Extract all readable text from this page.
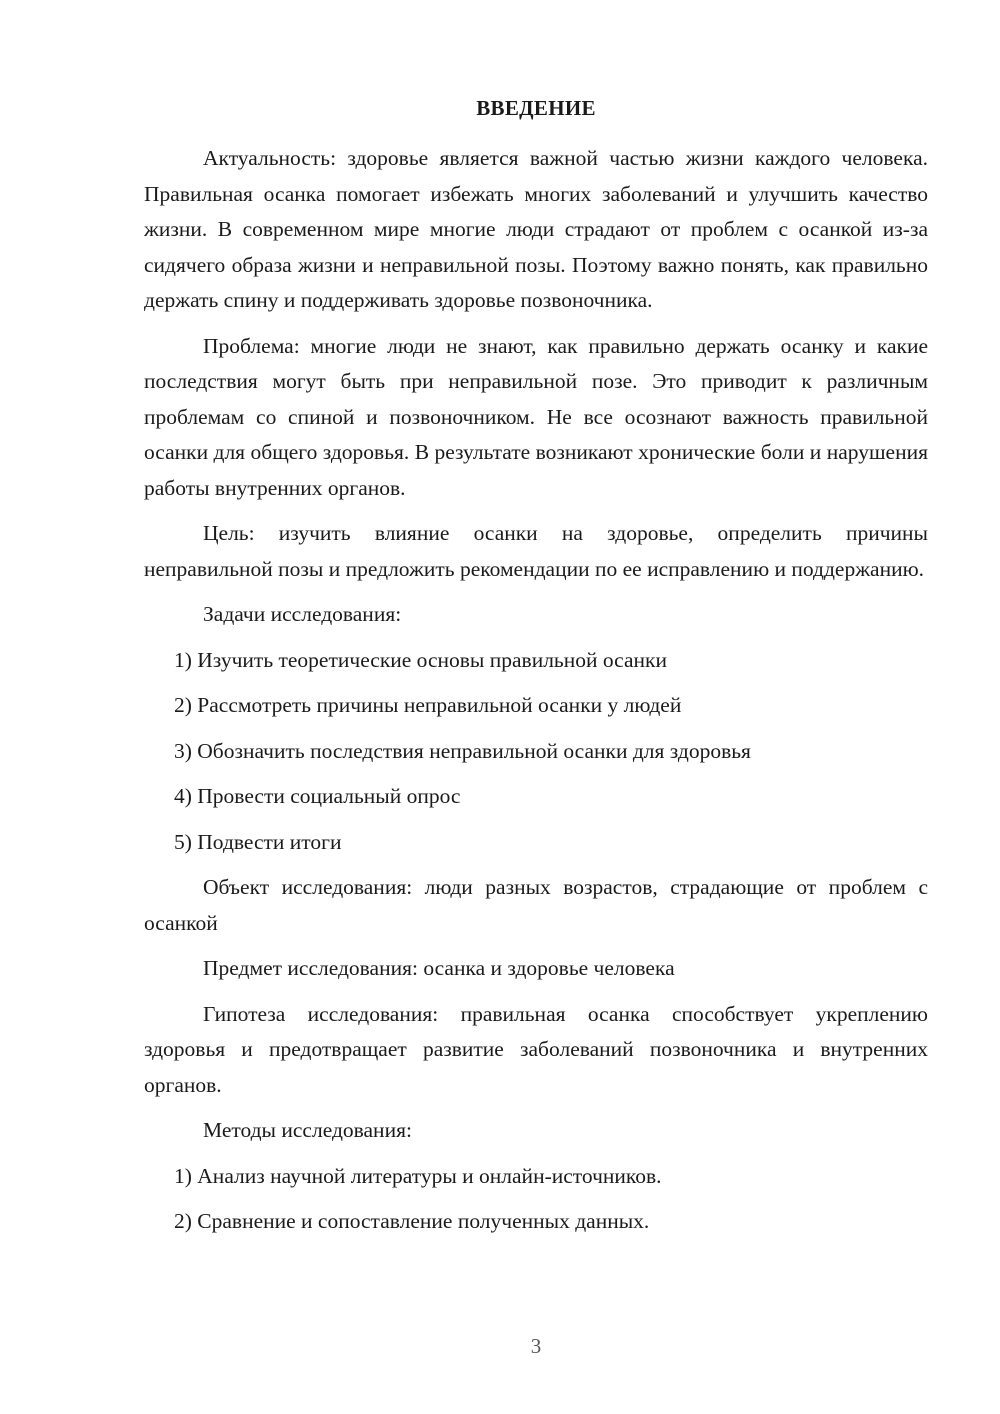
ВВЕДЕНИЕ

Актуальность: здоровье является важной частью жизни каждого человека. Правильная осанка помогает избежать многих заболеваний и улучшить качество жизни. В современном мире многие люди страдают от проблем с осанкой из-за сидячего образа жизни и неправильной позы. Поэтому важно понять, как правильно держать спину и поддерживать здоровье позвоночника.

Проблема: многие люди не знают, как правильно держать осанку и какие последствия могут быть при неправильной позе. Это приводит к различным проблемам со спиной и позвоночником. Не все осознают важность правильной осанки для общего здоровья. В результате возникают хронические боли и нарушения работы внутренних органов.

Цель: изучить влияние осанки на здоровье, определить причины неправильной позы и предложить рекомендации по ее исправлению и поддержанию.

Задачи исследования:

1) Изучить теоретические основы правильной осанки

2) Рассмотреть причины неправильной осанки у людей

3) Обозначить последствия неправильной осанки для здоровья

4) Провести социальный опрос

5) Подвести итоги

Объект исследования: люди разных возрастов, страдающие от проблем с осанкой

Предмет исследования: осанка и здоровье человека

Гипотеза исследования: правильная осанка способствует укреплению здоровья и предотвращает развитие заболеваний позвоночника и внутренних органов.

Методы исследования:

1) Анализ научной литературы и онлайн-источников.

2) Сравнение и сопоставление полученных данных.

3
